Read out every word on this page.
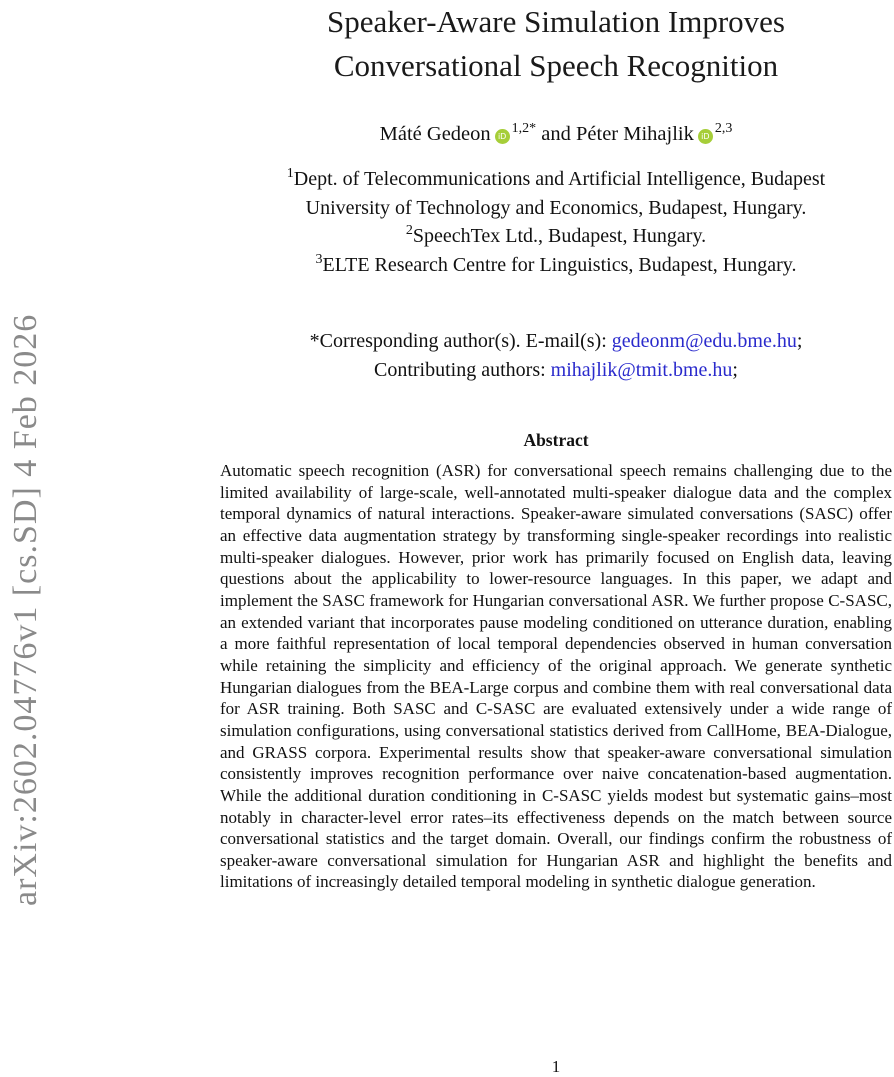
arXiv:2602.04776v1 [cs.SD] 4 Feb 2026
Speaker-Aware Simulation Improves
Conversational Speech Recognition
Máté Gedeon $iD^{1,2*}$ and Péter Mihajlik iD$^{2,3}$
$^1$Dept. of Telecommunications and Artificial Intelligence, Budapest
University of Technology and Economics, Budapest, Hungary.
$^2$SpeechTex Ltd., Budapest, Hungary.
$^3$ELTE Research Centre for Linguistics, Budapest, Hungary.
*Corresponding author(s). E-mail(s): gedeonm@edu.bme.hu;
Contributing authors: mihajlik@tmit.bme.hu;
Abstract
Automatic speech recognition (ASR) for conversational speech remains challenging due to the limited availability of large-scale, well-annotated multi-speaker dialogue data and the complex temporal dynamics of natural interactions. Speaker-aware simulated conversations (SASC) offer an effective data augmentation strategy by transforming single-speaker recordings into realistic multi-speaker dialogues. However, prior work has primarily focused on English data, leaving questions about the applicability to lower-resource languages. In this paper, we adapt and implement the SASC framework for Hungarian conversational ASR. We further propose C-SASC, an extended variant that incorporates pause modeling conditioned on utterance duration, enabling a more faithful representation of local temporal dependencies observed in human conversation while retaining the simplicity and efficiency of the original approach. We generate synthetic Hungarian dialogues from the BEA-Large corpus and combine them with real conversational data for ASR training. Both SASC and C-SASC are evaluated extensively under a wide range of simulation configurations, using conversational statistics derived from CallHome, BEA-Dialogue, and GRASS corpora. Experimental results show that speaker-aware conversational simulation consistently improves recognition performance over naive concatenation-based augmentation. While the additional duration conditioning in C-SASC yields modest but systematic gains–most notably in character-level error rates–its effectiveness depends on the match between source conversational statistics and the target domain. Overall, our findings confirm the robustness of speaker-aware conversational simulation for Hungarian ASR and highlight the benefits and limitations of increasingly detailed temporal modeling in synthetic dialogue generation.
1
